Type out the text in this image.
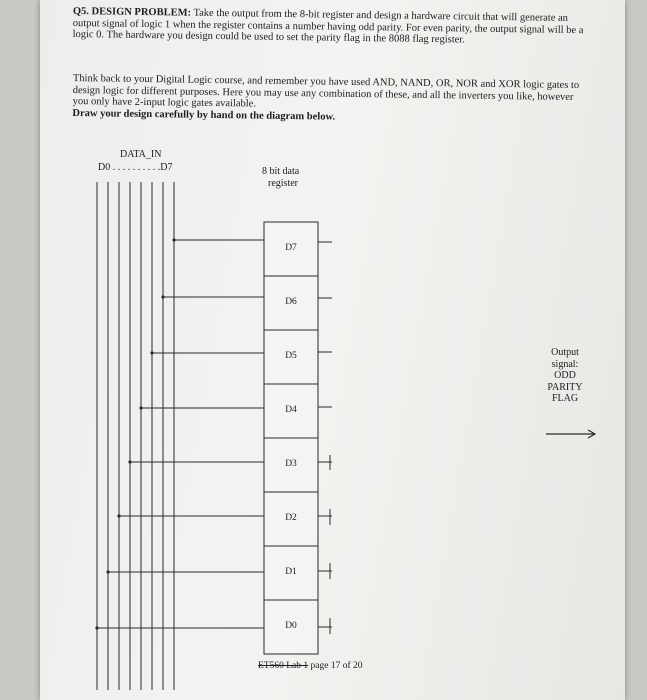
Q5. DESIGN PROBLEM: Take the output from the 8-bit register and design a hardware circuit that will generate an output signal of logic 1 when the register contains a number having odd parity. For even parity, the output signal will be a logic 0. The hardware you design could be used to set the parity flag in the 8088 flag register.

Think back to your Digital Logic course, and remember you have used AND, NAND, OR, NOR and XOR logic gates to design logic for different purposes. Here you may use any combination of these, and all the inverters you like, however you only have 2-input logic gates available.
Draw your design carefully by hand on the diagram below.

DATA_IN
D0 . . . . . . . . . .D7	8 bit data
register
D7
D6
D5
D4
D3
D2
D1
D0
Output
signal:
ODD
PARITY
FLAG
ET560 Lab 1 page 17 of 20
